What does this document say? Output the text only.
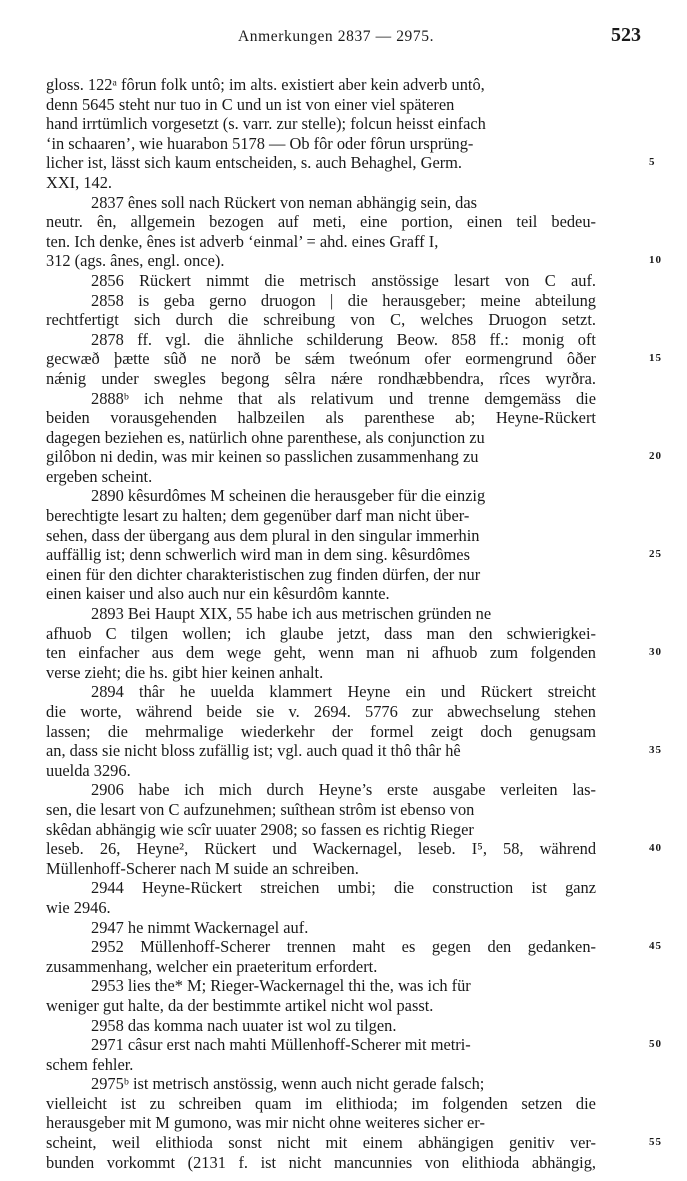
Anmerkungen 2837 — 2975.	523
gloss. 122ᵃ fôrun folk untô; im alts. existiert aber kein adverb untô,
denn 5645 steht nur tuo in C und un ist von einer viel späteren
hand irrtümlich vorgesetzt (s. varr. zur stelle); folcun heisst einfach
‘in schaaren’, wie huarabon 5178 — Ob fôr oder fôrun ursprüng-
licher ist, lässt sich kaum entscheiden, s. auch Behaghel, Germ.	5
XXI, 142.
2837 ênes soll nach Rückert von neman abhängig sein, das
neutr. ên, allgemein bezogen auf meti, eine portion, einen teil bedeu-
ten. Ich denke, ênes ist adverb ‘einmal’ = ahd. eines Graff I,
312 (ags. ânes, engl. once).	10
2856 Rückert nimmt die metrisch anstössige lesart von C auf.
2858 is geba gerno druogon | die herausgeber; meine abteilung
rechtfertigt sich durch die schreibung von C, welches Druogon setzt.
2878 ff. vgl. die ähnliche schilderung Beow. 858 ff.: monig oft
gecwæð þætte sûð ne norð be sǽm tweónum ofer eormengrund ôðer	15
nǽnig under swegles begong sêlra nǽre rondhæbbendra, rîces wyrðra.
2888ᵇ ich nehme that als relativum und trenne demgemäss die
beiden vorausgehenden halbzeilen als parenthese ab; Heyne-Rückert
dagegen beziehen es, natürlich ohne parenthese, als conjunction zu
gilôbon ni dedin, was mir keinen so passlichen zusammenhang zu	20
ergeben scheint.
2890 kêsurdômes M scheinen die herausgeber für die einzig
berechtigte lesart zu halten; dem gegenüber darf man nicht über-
sehen, dass der übergang aus dem plural in den singular immerhin
auffällig ist; denn schwerlich wird man in dem sing. kêsurdômes	25
einen für den dichter charakteristischen zug finden dürfen, der nur
einen kaiser und also auch nur ein kêsurdôm kannte.
2893 Bei Haupt XIX, 55 habe ich aus metrischen gründen ne
afhuob C tilgen wollen; ich glaube jetzt, dass man den schwierigkei-
ten einfacher aus dem wege geht, wenn man ni afhuob zum folgenden	30
verse zieht; die hs. gibt hier keinen anhalt.
2894 thâr he uuelda klammert Heyne ein und Rückert streicht
die worte, während beide sie v. 2694. 5776 zur abwechselung stehen
lassen; die mehrmalige wiederkehr der formel zeigt doch genugsam
an, dass sie nicht bloss zufällig ist; vgl. auch quad it thô thâr hê	35
uuelda 3296.
2906 habe ich mich durch Heyne’s erste ausgabe verleiten las-
sen, die lesart von C aufzunehmen; suîthean strôm ist ebenso von
skêdan abhängig wie scîr uuater 2908; so fassen es richtig Rieger
leseb. 26, Heyne², Rückert und Wackernagel, leseb. I⁵, 58, während	40
Müllenhoff-Scherer nach M suide an schreiben.
2944 Heyne-Rückert streichen umbi; die construction ist ganz
wie 2946.
2947 he nimmt Wackernagel auf.
2952 Müllenhoff-Scherer trennen maht es gegen den gedanken-	45
zusammenhang, welcher ein praeteritum erfordert.
2953 lies the* M; Rieger-Wackernagel thi the, was ich für
weniger gut halte, da der bestimmte artikel nicht wol passt.
2958 das komma nach uuater ist wol zu tilgen.
2971 câsur erst nach mahti Müllenhoff-Scherer mit metri-	50
schem fehler.
2975ᵇ ist metrisch anstössig, wenn auch nicht gerade falsch;
vielleicht ist zu schreiben quam im elithioda; im folgenden setzen die
herausgeber mit M gumono, was mir nicht ohne weiteres sicher er-
scheint, weil elithioda sonst nicht mit einem abhängigen genitiv ver-	55
bunden vorkommt (2131 f. ist nicht mancunnies von elithioda abhängig,
